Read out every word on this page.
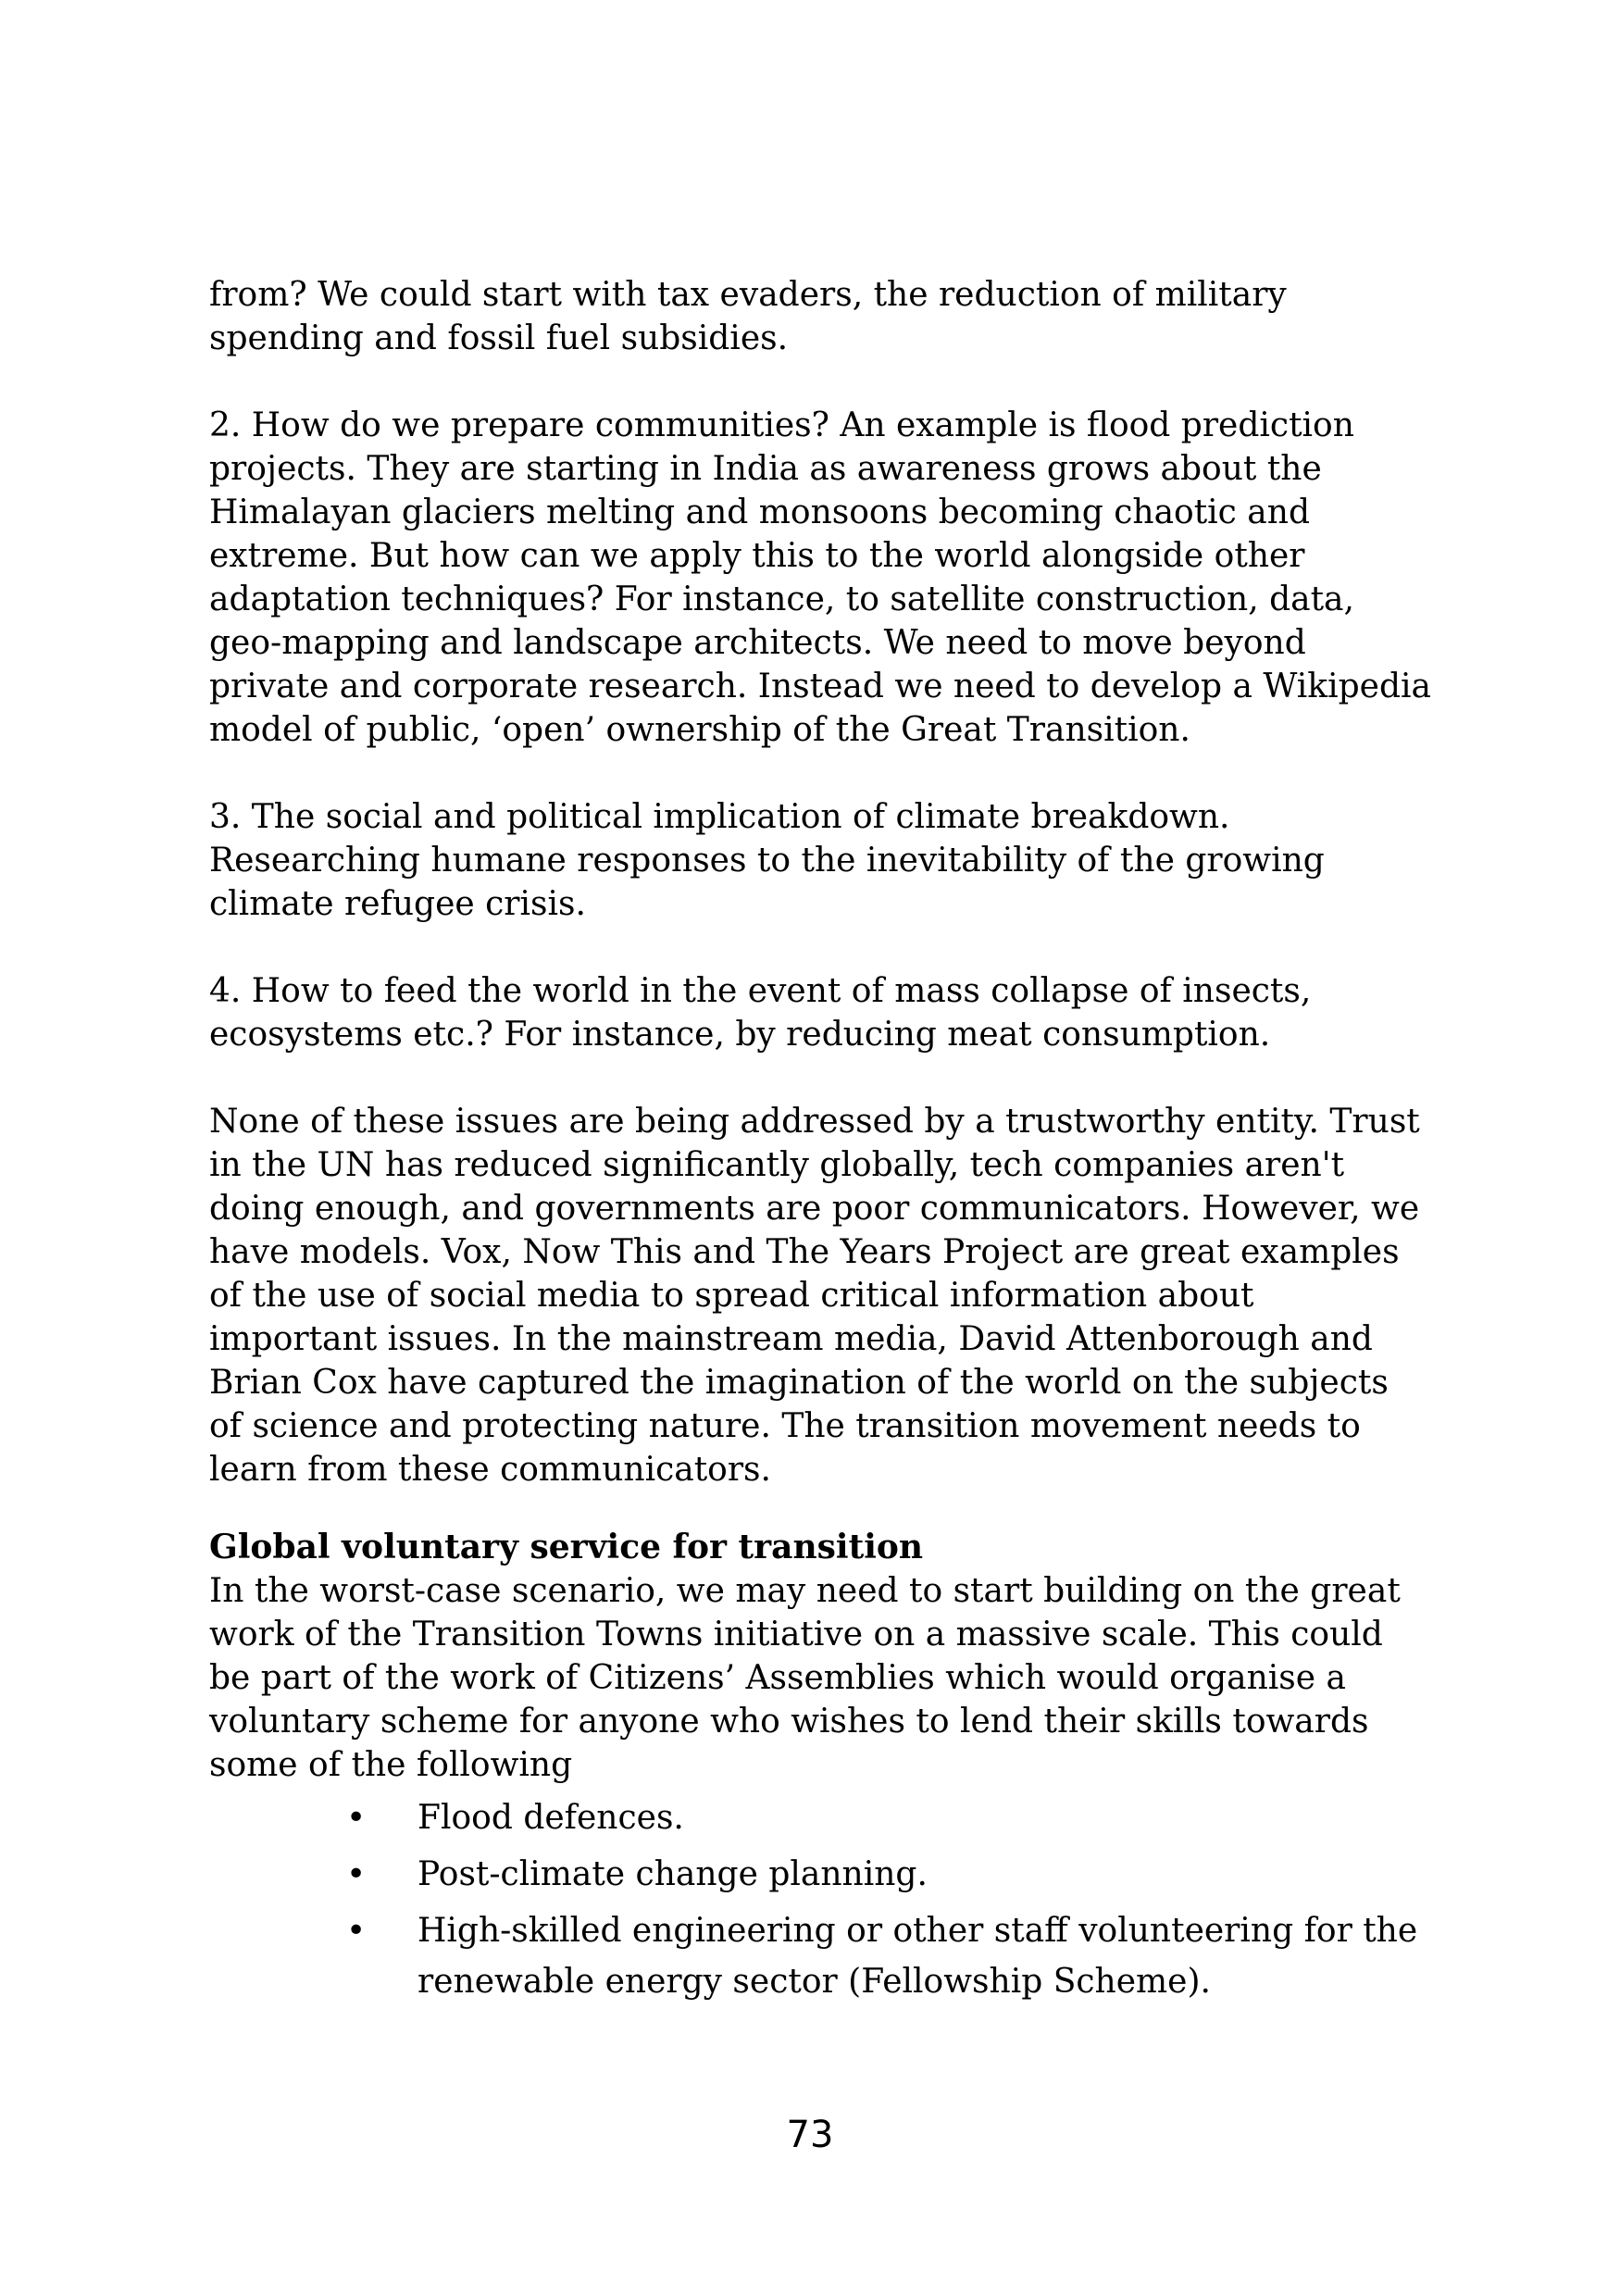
from? We could start with tax evaders, the reduction of military spending and fossil fuel subsidies.

2. How do we prepare communities? An example is flood prediction projects. They are starting in India as awareness grows about the Himalayan glaciers melting and monsoons becoming chaotic and extreme. But how can we apply this to the world alongside other adaptation techniques? For instance, to satellite construction, data, geo-mapping and landscape architects. We need to move beyond private and corporate research. Instead we need to develop a Wikipedia model of public, ‘open’ ownership of the Great Transition.

3. The social and political implication of climate breakdown. Researching humane responses to the inevitability of the growing climate refugee crisis.

4. How to feed the world in the event of mass collapse of insects, ecosystems etc.? For instance, by reducing meat consumption.

None of these issues are being addressed by a trustworthy entity. Trust in the UN has reduced significantly globally, tech companies aren't doing enough, and governments are poor communicators. However, we have models. Vox, Now This and The Years Project are great examples of the use of social media to spread critical information about important issues. In the mainstream media, David Attenborough and Brian Cox have captured the imagination of the world on the subjects of science and protecting nature. The transition movement needs to learn from these communicators.

Global voluntary service for transition

In the worst-case scenario, we may need to start building on the great work of the Transition Towns initiative on a massive scale. This could be part of the work of Citizens’ Assemblies which would organise a voluntary scheme for anyone who wishes to lend their skills towards some of the following

• Flood defences.
• Post-climate change planning.
• High-skilled engineering or other staff volunteering for the renewable energy sector (Fellowship Scheme).
73
